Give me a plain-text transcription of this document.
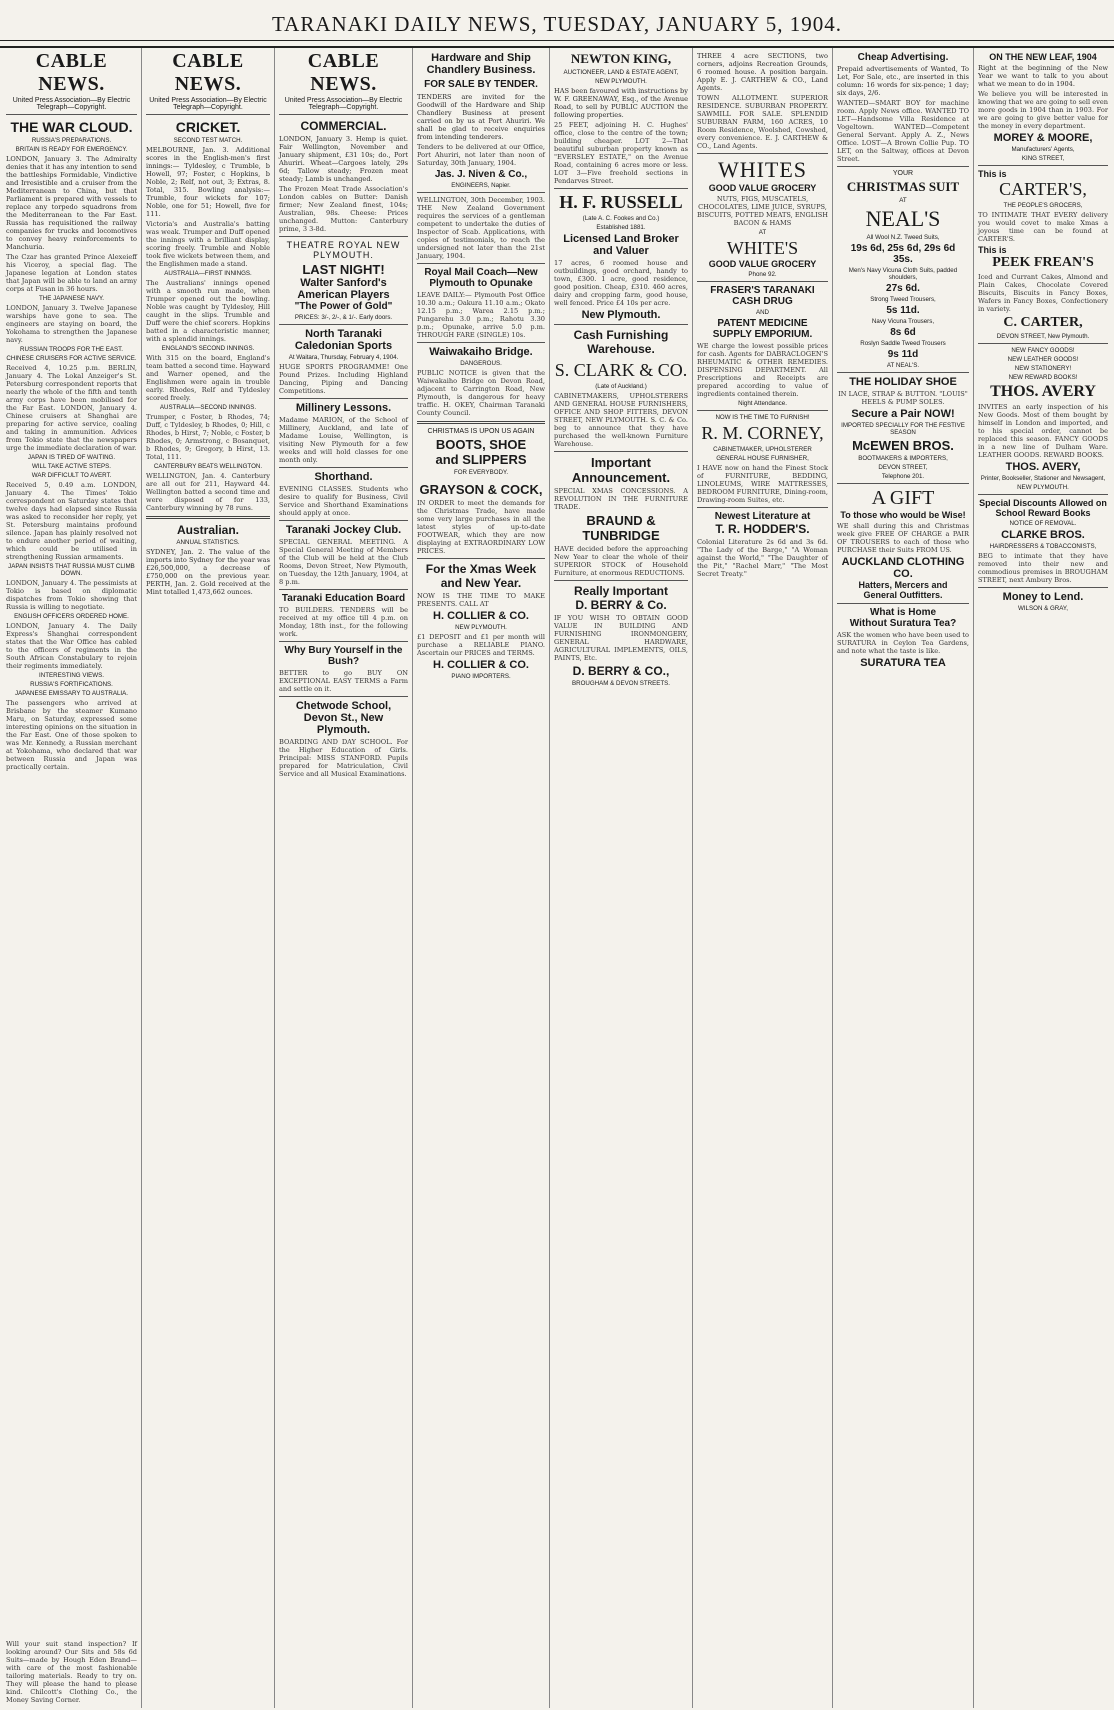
TARANAKI DAILY NEWS, TUESDAY, JANUARY 5, 1904.
CABLE NEWS.
United Press Association—By Electric Telegraph—Copyright.
THE WAR CLOUD.
RUSSIA'S PREPARATIONS.
BRITAIN IS READY FOR EMERGENCY.
LONDON, January 3. The Admiralty denies that it has any intention to send the battleships Formidable, Vindictive and Irresistible and a cruiser from the Mediterranean to China, but that Parliament is prepared with vessels to replace any torpedo squadrons from the Mediterranean to the Far East. Russia has requisitioned the railway companies for trucks and locomotives to convey heavy reinforcements to Manchuria.
The Czar has granted Prince Alexeieff his Viceroy, a special flag. The Japanese legation at London states that Japan will be able to land an army corps at Fusan in 36 hours.
THE JAPANESE NAVY.
LONDON, January 3. Twelve Japanese warships have gone to sea. The engineers are staying on board, the Yokohama to strengthen the Japanese navy.
RUSSIAN TROOPS FOR THE EAST.
CHINESE CRUISERS FOR ACTIVE SERVICE.
Received 4, 10.25 p.m. BERLIN, January 4. The Lokal Anzeiger's St. Petersburg correspondent reports that nearly the whole of the fifth and tenth army corps have been mobilised for the Far East. LONDON, January 4. Chinese cruisers at Shanghai are preparing for active service, coaling and taking in ammunition. Advices from Tokio state that the newspapers urge the immediate declaration of war.
JAPAN IS TIRED OF WAITING.
WILL TAKE ACTIVE STEPS.
WAR DIFFICULT TO AVERT.
Received 5, 0.49 a.m. LONDON, January 4. The Times' Tokio correspondent on Saturday states that twelve days had elapsed since Russia was asked to reconsider her reply, yet St. Petersburg maintains profound silence. Japan has plainly resolved not to endure another period of waiting, which could be utilised in strengthening Russian armaments.
JAPAN INSISTS THAT RUSSIA MUST CLIMB DOWN.
LONDON, January 4. The pessimists at Tokio is based on diplomatic dispatches from Tokio showing that Russia is willing to negotiate.
ENGLISH OFFICERS ORDERED HOME.
LONDON, January 4. The Daily Express's Shanghai correspondent states that the War Office has cabled to the officers of regiments in the South African Constabulary to rejoin their regiments immediately.
INTERESTING VIEWS.
RUSSIA'S FORTIFICATIONS.
JAPANESE EMISSARY TO AUSTRALIA.
The passengers who arrived at Brisbane by the steamer Kumano Maru, on Saturday, expressed some interesting opinions on the situation in the Far East. One of those spoken to was Mr. Kennedy, a Russian merchant at Yokohama, who declared that war between Russia and Japan was practically certain.
Will your suit stand inspection? If looking around? Our Sits and 58s 6d Suits—made by Hough Eden Brand—with care of the most fashionable tailoring materials. Ready to try on. They will please the hand to please kind. Chilcott's Clothing Co., the Money Saving Corner.
CABLE NEWS.
United Press Association—By Electric Telegraph—Copyright.
CRICKET.
SECOND TEST MATCH.
MELBOURNE, Jan. 3. Additional scores in the English-men's first innings:— Tyldesley, c Trumble, b Howell, 97; Foster, c Hopkins, b Noble, 2; Relf, not out, 3; Extras, 8. Total, 315. Bowling analysis:—Trumble, four wickets for 107; Noble, one for 51; Howell, five for 111.
Victoria's and Australia's batting was weak. Trumper and Duff opened the innings with a brilliant display, scoring freely. Trumble and Noble took five wickets between them, and the Englishmen made a stand.
AUSTRALIA—FIRST INNINGS.
The Australians' innings opened with a smooth run made, when Trumper opened out the bowling. Noble was caught by Tyldesley, Hill caught in the slips. Trumble and Duff were the chief scorers. Hopkins batted in a characteristic manner, with a splendid innings.
ENGLAND'S SECOND INNINGS.
With 315 on the board, England's team batted a second time. Hayward and Warner opened, and the Englishmen were again in trouble early. Rhodes, Relf and Tyldesley scored freely.
AUSTRALIA—SECOND INNINGS.
Trumper, c Foster, b Rhodes, 74; Duff, c Tyldesley, b Rhodes, 0; Hill, c Rhodes, b Hirst, 7; Noble, c Foster, b Rhodes, 0; Armstrong, c Bosanquet, b Rhodes, 9; Gregory, b Hirst, 13. Total, 111.
CANTERBURY BEATS WELLINGTON.
WELLINGTON, Jan. 4. Canterbury are all out for 211, Hayward 44. Wellington batted a second time and were disposed of for 133, Canterbury winning by 78 runs.
Australian.
ANNUAL STATISTICS.
SYDNEY, Jan. 2. The value of the imports into Sydney for the year was £26,500,000, a decrease of £750,000 on the previous year. PERTH, Jan. 2. Gold received at the Mint totalled 1,473,662 ounces.
CABLE NEWS.
United Press Association—By Electric Telegraph—Copyright.
COMMERCIAL.
LONDON, January 3. Hemp is quiet. Fair Wellington, November and January shipment, £31 10s; do., Port Ahuriri. Wheat—Cargoes lately, 29s 6d; Tallow steady; Frozen meat steady; Lamb is unchanged.
The Frozen Meat Trade Association's London cables on Butter: Danish firmer; New Zealand finest, 104s; Australian, 98s. Cheese: Prices unchanged. Mutton: Canterbury prime, 3 3-8d.
THEATRE ROYAL NEW PLYMOUTH.
LAST NIGHT!
Walter Sanford's American Players
"The Power of Gold"
PRICES: 3/-, 2/-, & 1/-. Early doors.
North Taranaki Caledonian Sports
At Waitara, Thursday, February 4, 1904.
HUGE SPORTS PROGRAMME! One Pound Prizes. Including Highland Dancing, Piping and Dancing Competitions.
Millinery Lessons.
Madame MARION, of the School of Millinery, Auckland, and late of Madame Louise, Wellington, is visiting New Plymouth for a few weeks and will hold classes for one month only.
Shorthand.
EVENING CLASSES. Students who desire to qualify for Business, Civil Service and Shorthand Examinations should apply at once.
Taranaki Jockey Club.
SPECIAL GENERAL MEETING. A Special General Meeting of Members of the Club will be held at the Club Rooms, Devon Street, New Plymouth, on Tuesday, the 12th January, 1904, at 8 p.m.
Taranaki Education Board
TO BUILDERS. TENDERS will be received at my office till 4 p.m. on Monday, 18th inst., for the following work.
Why Bury Yourself in the Bush?
BETTER to go BUY ON EXCEPTIONAL EASY TERMS a Farm and settle on it.
Chetwode School, Devon St., New Plymouth.
BOARDING AND DAY SCHOOL. For the Higher Education of Girls. Principal: MISS STANFORD. Pupils prepared for Matriculation, Civil Service and all Musical Examinations.
Hardware and Ship Chandlery Business.
FOR SALE BY TENDER.
TENDERS are invited for the Goodwill of the Hardware and Ship Chandlery Business at present carried on by us at Port Ahuriri. We shall be glad to receive enquiries from intending tenderers.
Tenders to be delivered at our Office, Port Ahuriri, not later than noon of Saturday, 30th January, 1904.
Jas. J. Niven & Co.,
ENGINEERS, Napier.
WELLINGTON, 30th December, 1903. THE New Zealand Government requires the services of a gentleman competent to undertake the duties of Inspector of Scab. Applications, with copies of testimonials, to reach the undersigned not later than the 21st January, 1904.
Royal Mail Coach—New Plymouth to Opunake
LEAVE DAILY:— Plymouth Post Office 10.30 a.m.; Oakura 11.10 a.m.; Okato 12.15 p.m.; Warea 2.15 p.m.; Pungarehu 3.0 p.m.; Rahotu 3.30 p.m.; Opunake, arrive 5.0 p.m. THROUGH FARE (SINGLE) 10s.
Waiwakaiho Bridge.
DANGEROUS.
PUBLIC NOTICE is given that the Waiwakaiho Bridge on Devon Road, adjacent to Carrington Road, New Plymouth, is dangerous for heavy traffic. H. OKEY, Chairman Taranaki County Council.
CHRISTMAS IS UPON US AGAIN
BOOTS, SHOE
and SLIPPERS
FOR EVERYBODY.
GRAYSON & COCK,
IN ORDER to meet the demands for the Christmas Trade, have made some very large purchases in all the latest styles of up-to-date FOOTWEAR, which they are now displaying at EXTRAORDINARY LOW PRICES.
For the Xmas Week
and New Year.
NOW IS THE TIME TO MAKE PRESENTS. CALL AT
H. COLLIER & CO.
NEW PLYMOUTH.
£1 DEPOSIT and £1 per month will purchase a RELIABLE PIANO. Ascertain our PRICES and TERMS.
H. COLLIER & CO.
PIANO IMPORTERS.
NEWTON KING,
AUCTIONEER, LAND & ESTATE AGENT,
NEW PLYMOUTH.
HAS been favoured with instructions by W. F. GREENAWAY, Esq., of the Avenue Road, to sell by PUBLIC AUCTION the following properties.
25 FEET, adjoining H. C. Hughes' office, close to the centre of the town; building cheaper. LOT 2—That beautiful suburban property known as "EVERSLEY ESTATE," on the Avenue Road, containing 6 acres more or less. LOT 3—Five freehold sections in Pendarves Street.
H. F. RUSSELL
(Late A. C. Fookes and Co.)
Established 1881.
Licensed Land Broker and Valuer
17 acres, 6 roomed house and outbuildings, good orchard, handy to town, £300. 1 acre, good residence, good position. Cheap, £310. 460 acres, dairy and cropping farm, good house, well fenced. Price £4 10s per acre.
New Plymouth.
Cash Furnishing
Warehouse.
S. CLARK & CO.
(Late of Auckland.)
CABINETMAKERS, UPHOLSTERERS AND GENERAL HOUSE FURNISHERS, OFFICE AND SHOP FITTERS, DEVON STREET, NEW PLYMOUTH. S. C. & Co. beg to announce that they have purchased the well-known Furniture Warehouse.
Important
Announcement.
SPECIAL XMAS CONCESSIONS. A REVOLUTION IN THE FURNITURE TRADE.
BRAUND &
TUNBRIDGE
HAVE decided before the approaching New Year to clear the whole of their SUPERIOR STOCK of Household Furniture, at enormous REDUCTIONS.
Really Important
D. BERRY & Co.
IF YOU WISH TO OBTAIN GOOD VALUE IN BUILDING AND FURNISHING IRONMONGERY, GENERAL HARDWARE, AGRICULTURAL IMPLEMENTS, OILS, PAINTS, Etc.
D. BERRY & CO.,
BROUGHAM & DEVON STREETS.
THREE 4 acre SECTIONS, two corners, adjoins Recreation Grounds, 6 roomed house. A position bargain. Apply E. J. CARTHEW & CO., Land Agents.
TOWN ALLOTMENT. SUPERIOR RESIDENCE. SUBURBAN PROPERTY. SAWMILL FOR SALE. SPLENDID SUBURBAN FARM, 160 ACRES, 10 Room Residence, Woolshed, Cowshed, every convenience. E. J. CARTHEW & CO., Land Agents.
WHITES
GOOD VALUE GROCERY
NUTS, FIGS, MUSCATELS, CHOCOLATES, LIME JUICE, SYRUPS, BISCUITS, POTTED MEATS, ENGLISH BACON & HAMS
AT
WHITE'S
GOOD VALUE GROCERY
Phone 92.
FRASER'S TARANAKI
CASH DRUG
AND
PATENT MEDICINE
SUPPLY EMPORIUM.
WE charge the lowest possible prices for cash. Agents for DABRACLOGEN'S RHEUMATIC & OTHER REMEDIES. DISPENSING DEPARTMENT. All Prescriptions and Receipts are prepared according to value of ingredients contained therein.
Night Attendance.
NOW IS THE TIME TO FURNISH!
R. M. CORNEY,
CABINETMAKER, UPHOLSTERER
GENERAL HOUSE FURNISHER,
I HAVE now on hand the Finest Stock of FURNITURE, BEDDING, LINOLEUMS, WIRE MATTRESSES, BEDROOM FURNITURE, Dining-room, Drawing-room Suites, etc.
Newest Literature at
T. R. HODDER'S.
Colonial Literature 2s 6d and 3s 6d. "The Lady of the Barge," "A Woman against the World," "The Daughter of the Pit," "Rachel Marr," "The Most Secret Treaty."
Cheap Advertising.
Prepaid advertisements of Wanted, To Let, For Sale, etc., are inserted in this column: 16 words for six-pence; 1 day; six days, 2/6.
WANTED—SMART BOY for machine room. Apply News office. WANTED TO LET—Handsome Villa Residence at Vogeltown. WANTED—Competent General Servant. Apply A. Z., News Office. LOST—A Brown Collie Pup. TO LET, on the Saltway, offices at Devon Street.
YOUR
CHRISTMAS SUIT
AT
NEAL'S
All Wool N.Z. Tweed Suits,
19s 6d, 25s 6d, 29s 6d
35s.
Men's Navy Vicuna Cloth Suits, padded shoulders,
27s 6d.
Strong Tweed Trousers,
5s 11d.
Navy Vicuna Trousers,
8s 6d
Roslyn Saddle Tweed Trousers
9s 11d
AT NEAL'S.
THE HOLIDAY SHOE
IN LACE, STRAP & BUTTON. "LOUIS" HEELS & PUMP SOLES.
Secure a Pair NOW!
IMPORTED SPECIALLY FOR THE FESTIVE SEASON
McEWEN BROS.
BOOTMAKERS & IMPORTERS,
DEVON STREET,
Telephone 201.
A GIFT
To those who would be Wise!
WE shall during this and Christmas week give FREE OF CHARGE a PAIR OF TROUSERS to each of those who PURCHASE their Suits FROM US.
AUCKLAND CLOTHING
CO.
Hatters, Mercers and
General Outfitters.
What is Home
Without Suratura Tea?
ASK the women who have been used to SURATURA in Ceylon Tea Gardens, and note what the taste is like.
SURATURA TEA
ON THE NEW LEAF, 1904
Right at the beginning of the New Year we want to talk to you about what we mean to do in 1904.
We believe you will be interested in knowing that we are going to sell even more goods in 1904 than in 1903. For we are going to give better value for the money in every department.
MOREY & MOORE,
Manufacturers' Agents,
KING STREET,
This is
CARTER'S,
THE PEOPLE'S GROCERS,
TO INTIMATE THAT EVERY delivery you would covet to make Xmas a joyous time can be found at CARTER'S.
This is
PEEK FREAN'S
Iced and Currant Cakes, Almond and Plain Cakes, Chocolate Covered Biscuits, Biscuits in Fancy Boxes, Wafers in Fancy Boxes, Confectionery in variety.
C. CARTER,
DEVON STREET, New Plymouth.
NEW FANCY GOODS!
NEW LEATHER GOODS!
NEW STATIONERY!
NEW REWARD BOOKS!
THOS. AVERY
INVITES an early inspection of his New Goods. Most of them bought by himself in London and imported, and to his special order, cannot be replaced this season. FANCY GOODS in a new line of Dulham Ware. LEATHER GOODS. REWARD BOOKS.
THOS. AVERY,
Printer, Bookseller, Stationer and Newsagent,
NEW PLYMOUTH.
Special Discounts Allowed on School Reward Books
NOTICE OF REMOVAL.
CLARKE BROS.
HAIRDRESSERS & TOBACCONISTS,
BEG to intimate that they have removed into their new and commodious premises in BROUGHAM STREET, next Ambury Bros.
Money to Lend.
WILSON & GRAY,
